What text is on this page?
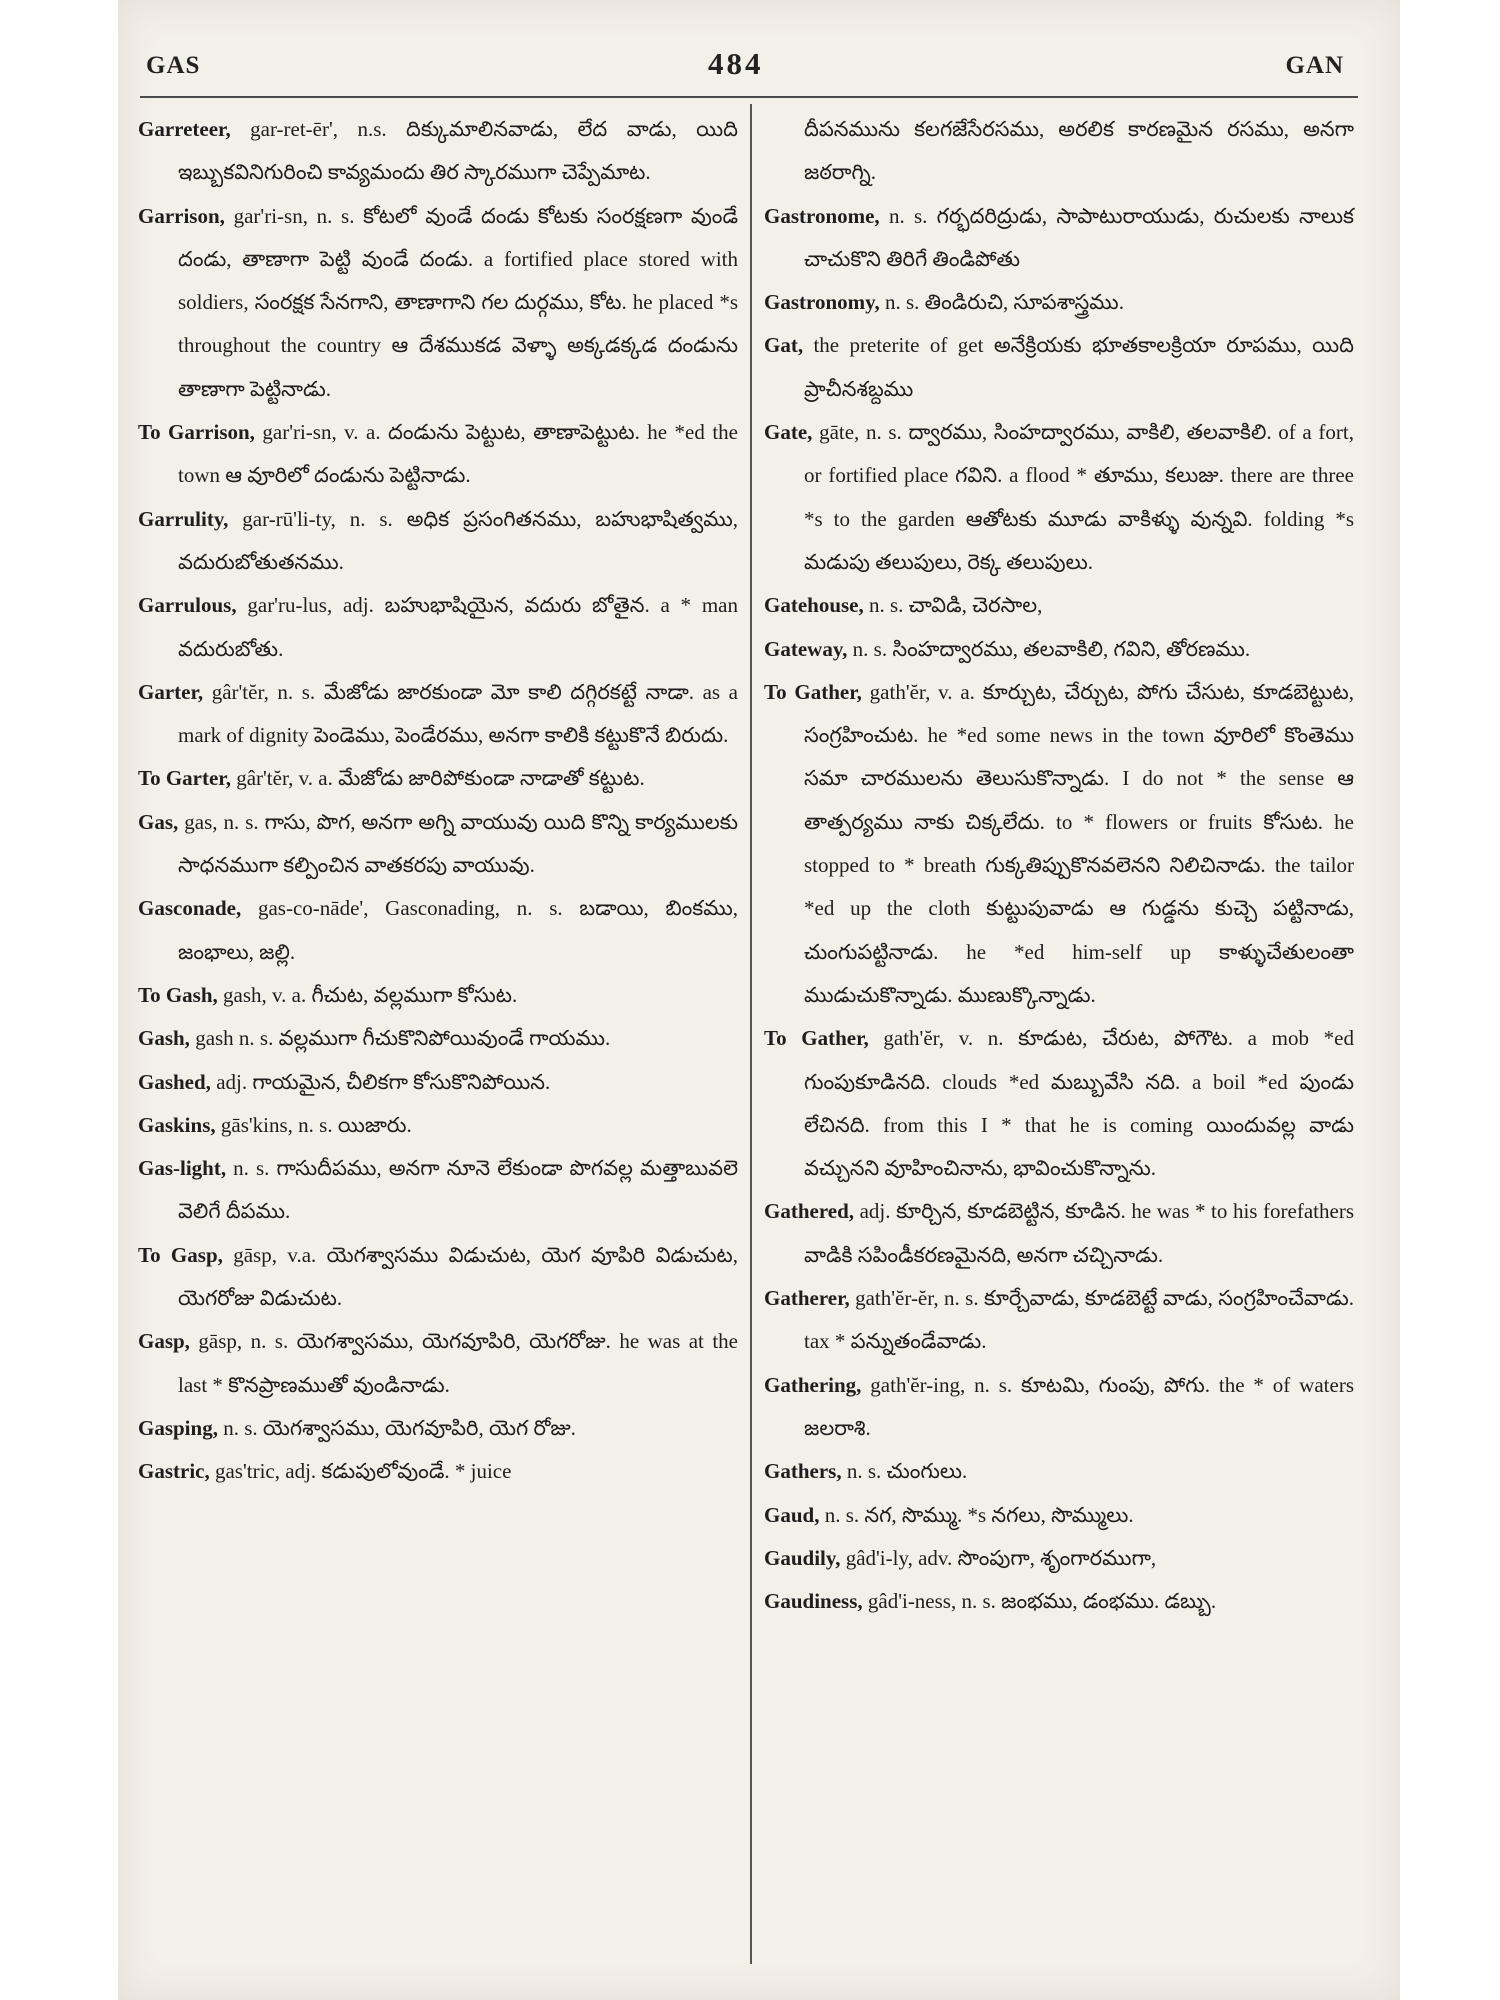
GAS	484	GAN

Garreteer, gar-ret-ēr', n.s. దిక్కుమాలినవాడు, లేద వాడు, యిది ఇబ్బుకవినిగురించి కావ్యమందు తిర స్కారముగా చెప్పేమాట.

Garrison, gar'ri-sn, n. s. కోటలో వుండే దండు కోటకు సంరక్షణగా వుండే దండు, తాణాగా పెట్టి వుండే దండు. a fortified place stored with soldiers, సంరక్షక సేనగాని, తాణాగాని గల దుర్గము, కోట. he placed *s throughout the country ఆ దేశముకడ వెళ్ళా అక్కడక్కడ దండును తాణాగా పెట్టినాడు.

To Garrison, gar'ri-sn, v. a. దండును పెట్టుట, తాణాపెట్టుట. he *ed the town ఆ వూరిలో దండును పెట్టినాడు.

Garrulity, gar-rū'li-ty, n. s. అధిక ప్రసంగితనము, బహుభాషిత్వము, వదురుబోతుతనము.

Garrulous, gar'ru-lus, adj. బహుభాషియైన, వదురు బోతైన. a * man వదురుబోతు.

Garter, gâr'tĕr, n. s. మేజోడు జారకుండా మో కాలి దగ్గిరకట్టే నాడా. as a mark of dignity పెండెము, పెండేరము, అనగా కాలికి కట్టుకొనే బిరుదు.

To Garter, gâr'tĕr, v. a. మేజోడు జారిపోకుండా నాడాతో కట్టుట.

Gas, gas, n. s. గాసు, పొగ, అనగా అగ్ని వాయువు యిది కొన్ని కార్యములకు సాధనముగా కల్పించిన వాతకరపు వాయువు.

Gasconade, gas-co-nāde', Gasconading, n. s. బడాయి, బింకము, జంభాలు, జల్లి.

To Gash, gash, v. a. గీచుట, వల్లముగా కోసుట.

Gash, gash n. s. వల్లముగా గీచుకొనిపోయివుండే గాయము.

Gashed, adj. గాయమైన, చీలికగా కోసుకొనిపోయిన.

Gaskins, gās'kins, n. s. యిజారు.

Gas-light, n. s. గాసుదీపము, అనగా నూనె లేకుండా పొగవల్ల మత్తాబువలె వెలిగే దీపము.

To Gasp, gāsp, v.a. యెగశ్వాసము విడుచుట, యెగ వూపిరి విడుచుట, యెగరోజు విడుచుట.

Gasp, gāsp, n. s. యెగశ్వాసము, యెగవూపిరి, యెగరోజు. he was at the last * కొనప్రాణముతో వుండినాడు.

Gasping, n. s. యెగశ్వాసము, యెగవూపిరి, యెగ రోజు.

Gastric, gas'tric, adj. కడుపులోవుండే. * juice

దీపనమును కలగజేసేరసము, అరలిక కారణమైన రసము, అనగా జఠరాగ్ని.

Gastronome, n. s. గర్భదరిద్రుడు, సాపాటురాయుడు, రుచులకు నాలుక చాచుకొని తిరిగే తిండిపోతు

Gastronomy, n. s. తిండిరుచి, సూపశాస్త్రము.

Gat, the preterite of get అనేక్రియకు భూతకాలక్రియా రూపము, యిది ప్రాచీనశబ్దము

Gate, gāte, n. s. ద్వారము, సింహద్వారము, వాకిలి, తలవాకిలి. of a fort, or fortified place గవిని. a flood * తూము, కలుజు. there are three *s to the garden ఆతోటకు మూడు వాకిళ్ళు వున్నవి. folding *s మడుపు తలుపులు, రెక్క తలుపులు.

Gatehouse, n. s. చావిడి, చెరసాల,

Gateway, n. s. సింహద్వారము, తలవాకిలి, గవిని, తోరణము.

To Gather, gath'ĕr, v. a. కూర్చుట, చేర్చుట, పోగు చేసుట, కూడబెట్టుట, సంగ్రహించుట. he *ed some news in the town వూరిలో కొంతెము సమా చారములను తెలుసుకొన్నాడు. I do not * the sense ఆ తాత్పర్యము నాకు చిక్కలేదు. to * flowers or fruits కోసుట. he stopped to * breath గుక్కతిప్పుకొనవలెనని నిలిచినాడు. the tailor *ed up the cloth కుట్టుపువాడు ఆ గుడ్డను కుచ్చె పట్టినాడు, చుంగుపట్టినాడు. he *ed him-self up కాళ్ళుచేతులంతా ముడుచుకొన్నాడు. ముణుక్కొన్నాడు.

To Gather, gath'ĕr, v. n. కూడుట, చేరుట, పోగౌట. a mob *ed గుంపుకూడినది. clouds *ed మబ్బువేసి నది. a boil *ed పుండు లేచినది. from this I * that he is coming యిందువల్ల వాడు వచ్చునని వూహించినాను, భావించుకొన్నాను.

Gathered, adj. కూర్చిన, కూడబెట్టిన, కూడిన. he was * to his forefathers వాడికి సపిండీకరణమైనది, అనగా చచ్చినాడు.

Gatherer, gath'ĕr-ĕr, n. s. కూర్చేవాడు, కూడబెట్టే వాడు, సంగ్రహించేవాడు. tax * పన్నుతండేవాడు.

Gathering, gath'ĕr-ing, n. s. కూటమి, గుంపు, పోగు. the * of waters జలరాశి.

Gathers, n. s. చుంగులు.

Gaud, n. s. నగ, సొమ్ము. *s నగలు, సొమ్ములు.

Gaudily, gâd'i-ly, adv. సొంపుగా, శృంగారముగా,

Gaudiness, gâd'i-ness, n. s. జంభము, డంభము. డబ్బు.
